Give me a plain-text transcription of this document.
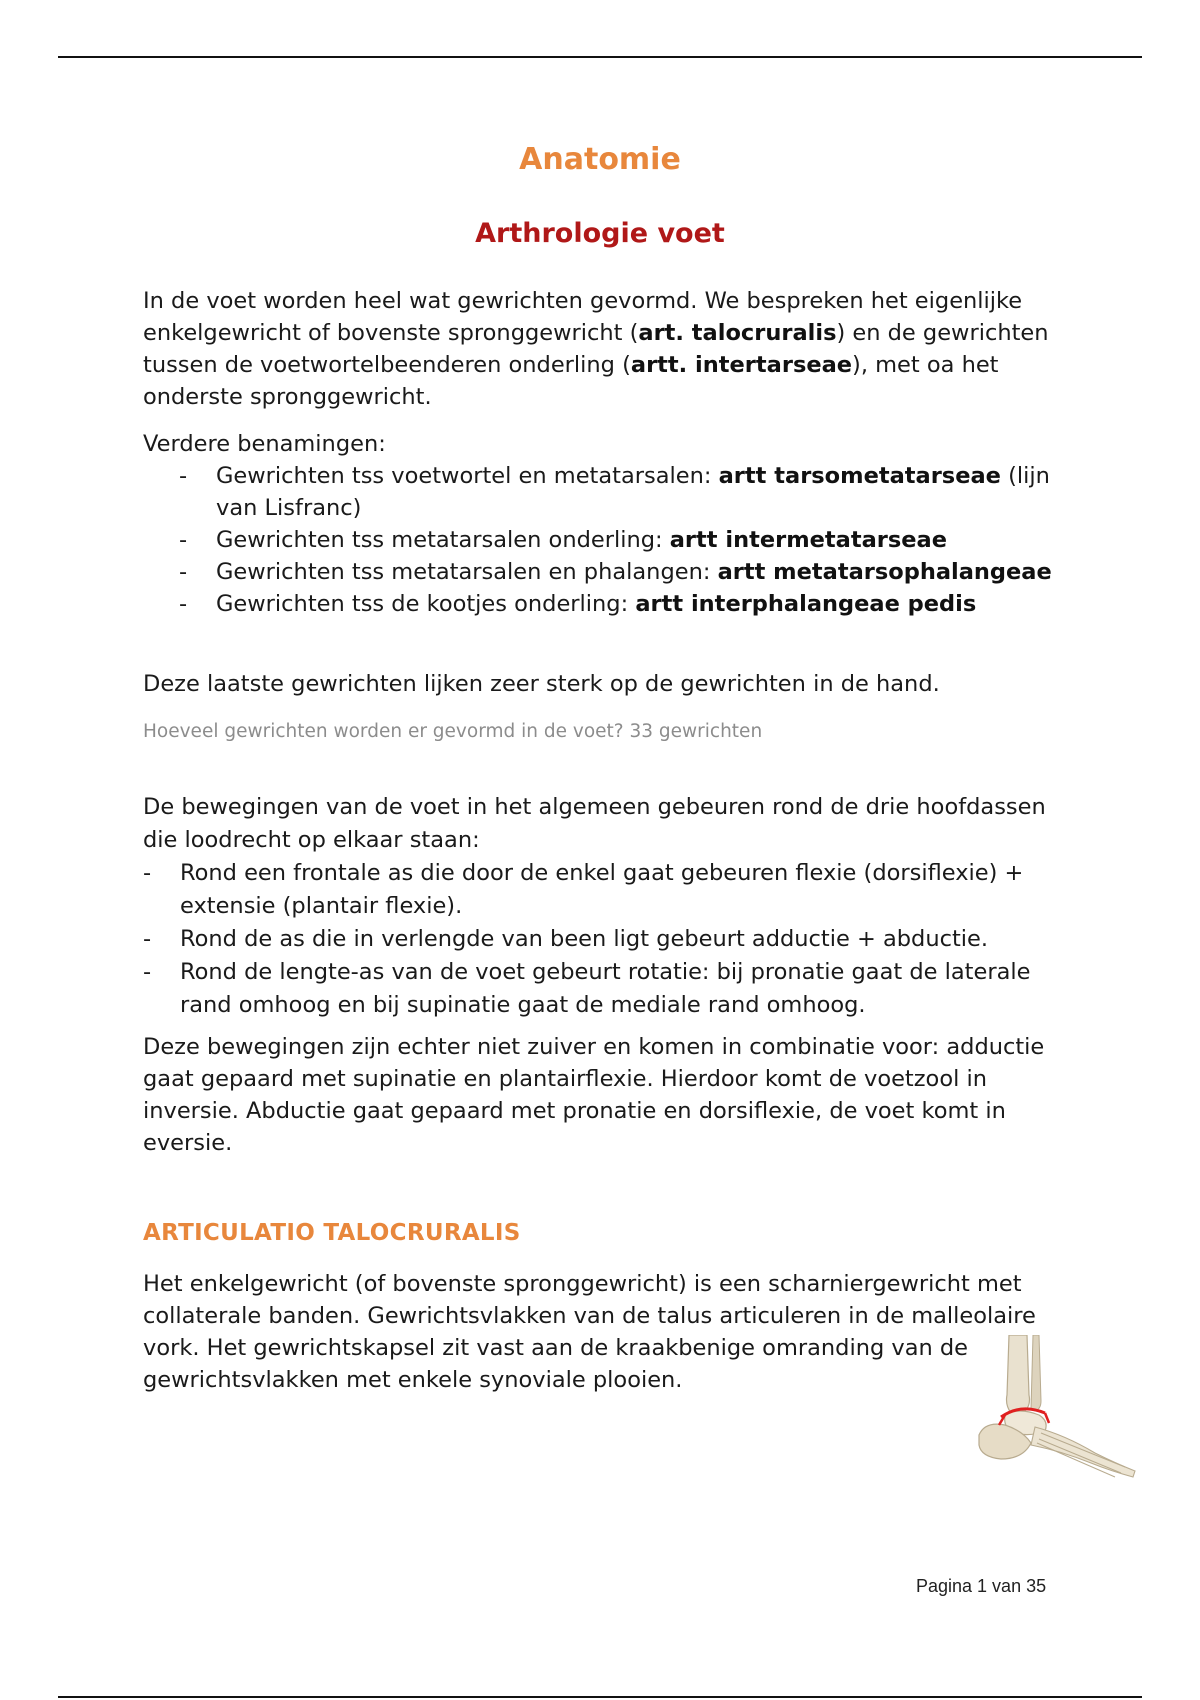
Anatomie
Arthrologie voet

In de voet worden heel wat gewrichten gevormd. We bespreken het eigenlijke enkelgewricht of bovenste spronggewricht (art. talocruralis) en de gewrichten tussen de voetwortelbeenderen onderling (artt. intertarseae), met oa het onderste spronggewricht.

Verdere benamingen:

- Gewrichten tss voetwortel en metatarsalen: artt tarsometatarseae (lijn van Lisfranc)
- Gewrichten tss metatarsalen onderling: artt intermetatarseae
- Gewrichten tss metatarsalen en phalangen: artt metatarsophalangeae
- Gewrichten tss de kootjes onderling: artt interphalangeae pedis

Deze laatste gewrichten lijken zeer sterk op de gewrichten in de hand.

Hoeveel gewrichten worden er gevormd in de voet? 33 gewrichten

De bewegingen van de voet in het algemeen gebeuren rond de drie hoofdassen die loodrecht op elkaar staan:

- Rond een frontale as die door de enkel gaat gebeuren flexie (dorsiflexie) + extensie (plantair flexie).
- Rond de as die in verlengde van been ligt gebeurt adductie + abductie.
- Rond de lengte-as van de voet gebeurt rotatie: bij pronatie gaat de laterale rand omhoog en bij supinatie gaat de mediale rand omhoog.

Deze bewegingen zijn echter niet zuiver en komen in combinatie voor: adductie gaat gepaard met supinatie en plantairflexie. Hierdoor komt de voetzool in inversie. Abductie gaat gepaard met pronatie en dorsiflexie, de voet komt in eversie.

ARTICULATIO TALOCRURALIS

Het enkelgewricht (of bovenste spronggewricht) is een scharniergewricht met collaterale banden. Gewrichtsvlakken van de talus articuleren in de malleolaire vork. Het gewrichtskapsel zit vast aan de kraakbenige omranding van de gewrichtsvlakken met enkele synoviale plooien.

Pagina 1 van 35
